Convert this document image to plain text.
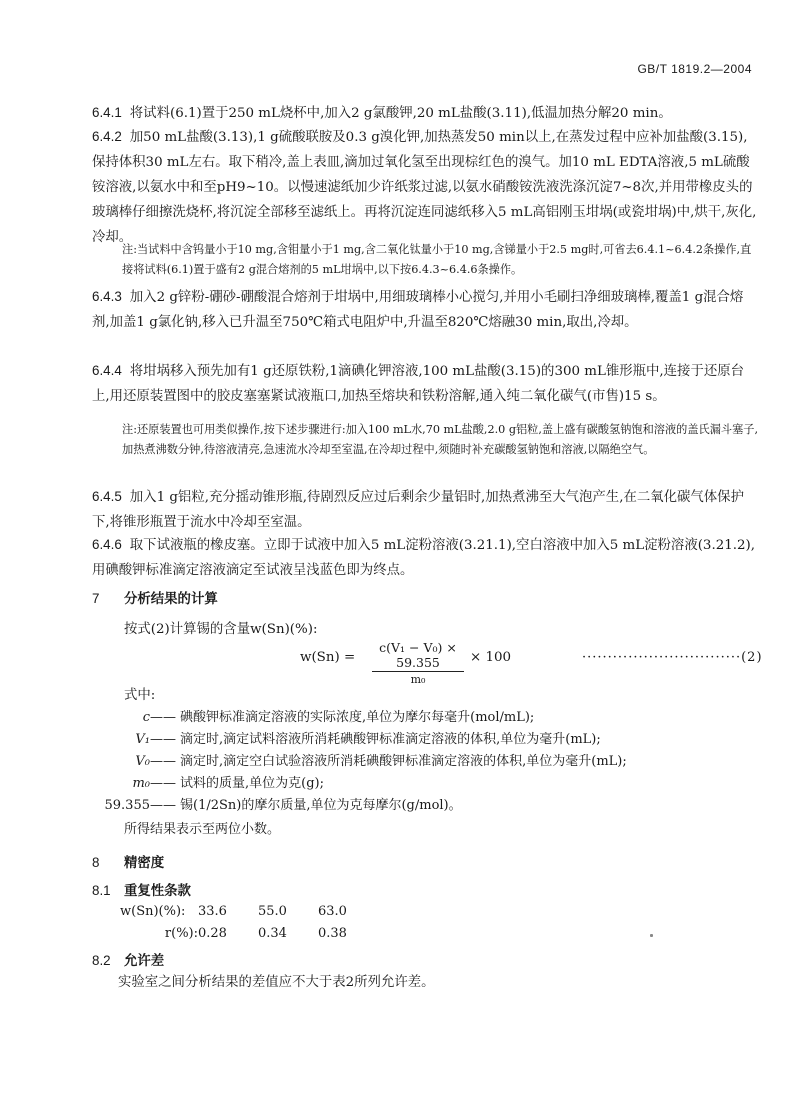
GB/T 1819.2—2004
6.4.1 将试料(6.1)置于250 mL烧杯中,加入2 g氯酸钾,20 mL盐酸(3.11),低温加热分解20 min。
6.4.2 加50 mL盐酸(3.13),1 g硫酸联胺及0.3 g溴化钾,加热蒸发50 min以上,在蒸发过程中应补加盐酸(3.15),保持体积30 mL左右。取下稍冷,盖上表皿,滴加过氧化氢至出现棕红色的溴气。加10 mL EDTA溶液,5 mL硫酸铵溶液,以氨水中和至pH9~10。以慢速滤纸加少许纸浆过滤,以氨水硝酸铵洗液洗涤沉淀7~8次,并用带橡皮头的玻璃棒仔细擦洗烧杯,将沉淀全部移至滤纸上。再将沉淀连同滤纸移入5 mL高铝刚玉坩埚(或瓷坩埚)中,烘干,灰化,冷却。
注:当试料中含钨量小于10 mg,含钼量小于1 mg,含二氧化钛量小于10 mg,含锑量小于2.5 mg时,可省去6.4.1~6.4.2条操作,直接将试料(6.1)置于盛有2 g混合熔剂的5 mL坩埚中,以下按6.4.3~6.4.6条操作。
6.4.3 加入2 g锌粉-硼砂-硼酸混合熔剂于坩埚中,用细玻璃棒小心搅匀,并用小毛刷扫净细玻璃棒,覆盖1 g混合熔剂,加盖1 g氯化钠,移入已升温至750℃箱式电阻炉中,升温至820℃熔融30 min,取出,冷却。
6.4.4 将坩埚移入预先加有1 g还原铁粉,1滴碘化钾溶液,100 mL盐酸(3.15)的300 mL锥形瓶中,连接于还原台上,用还原装置图中的胶皮塞塞紧试液瓶口,加热至熔块和铁粉溶解,通入纯二氧化碳气(市售)15 s。
注:还原装置也可用类似操作,按下述步骤进行:加入100 mL水,70 mL盐酸,2.0 g铝粒,盖上盛有碳酸氢钠饱和溶液的盖氏漏斗塞子,加热煮沸数分钟,待溶液清亮,急速流水冷却至室温,在冷却过程中,须随时补充碳酸氢钠饱和溶液,以隔绝空气。
6.4.5 加入1 g铝粒,充分摇动锥形瓶,待剧烈反应过后剩余少量铝时,加热煮沸至大气泡产生,在二氧化碳气体保护下,将锥形瓶置于流水中冷却至室温。
6.4.6 取下试液瓶的橡皮塞。立即于试液中加入5 mL淀粉溶液(3.21.1),空白溶液中加入5 mL淀粉溶液(3.21.2),用碘酸钾标准滴定溶液滴定至试液呈浅蓝色即为终点。
7 分析结果的计算
按式(2)计算锡的含量w(Sn)(%):
$w(Sn) = \frac{\text{c(V₁ − V₀) × 59.355}}{\text{m₀}} \times 100$	·······························(2)
式中:
c—— 碘酸钾标准滴定溶液的实际浓度,单位为摩尔每毫升(mol/mL);
V₁—— 滴定时,滴定试料溶液所消耗碘酸钾标准滴定溶液的体积,单位为毫升(mL);
V₀—— 滴定时,滴定空白试验溶液所消耗碘酸钾标准滴定溶液的体积,单位为毫升(mL);
m₀—— 试料的质量,单位为克(g);
59.355—— 锡(1/2Sn)的摩尔质量,单位为克每摩尔(g/mol)。
所得结果表示至两位小数。
8 精密度
8.1 重复性条款
w(Sn)(%): 33.6 55.0 63.0
r(%):0.28 0.34 0.38
8.2 允许差
实验室之间分析结果的差值应不大于表2所列允许差。
